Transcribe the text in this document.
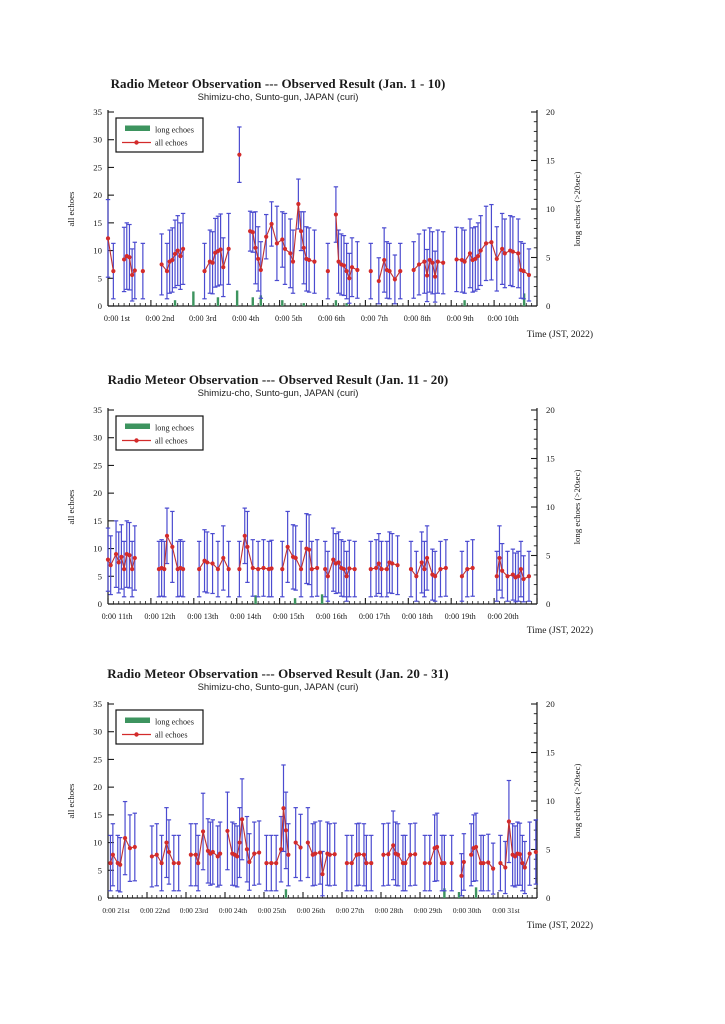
Radio Meteor Observation --- Observed Result (Jan. 1 - 10)
Shimizu-cho, Sunto-gun, JAPAN (curi)
0
5
10
15
20
25
30
35
0
5
10
15
20
0:00 1st 0:00 2nd 0:00 3rd 0:00 4th 0:00 5th 0:00 6th 0:00 7th 0:00 8th 0:00 9th 0:00 10th
all echoes	long echoes (>20sec)
long echoes
all echoes
Time (JST, 2022)
Radio Meteor Observation --- Observed Result (Jan. 11 - 20)
Shimizu-cho, Sunto-gun, JAPAN (curi)
0
5
10
15
20
25
30
35
0
5
10
15
20
0:00 11th 0:00 12th 0:00 13th 0:00 14th 0:00 15th 0:00 16th 0:00 17th 0:00 18th 0:00 19th 0:00 20th
all echoes	long echoes (>20sec)
long echoes
all echoes
Time (JST, 2022)
Radio Meteor Observation --- Observed Result (Jan. 20 - 31)
Shimizu-cho, Sunto-gun, JAPAN (curi)
0
5
10
15
20
25
30
35
0
5
10
15
20
0:00 21st 0:00 22nd 0:00 23rd 0:00 24th 0:00 25th 0:00 26th 0:00 27th 0:00 28th 0:00 29th 0:00 30th 0:00 31st
all echoes	long echoes (>20sec)
long echoes
all echoes
Time (JST, 2022)
